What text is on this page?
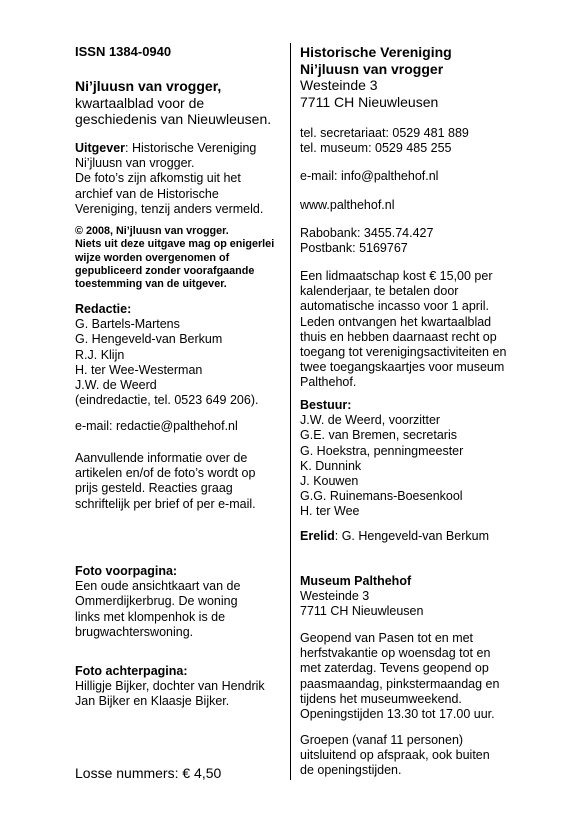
ISSN 1384-0940
Ni’jluusn van vrogger,
kwartaalblad voor de
geschiedenis van Nieuwleusen.
Uitgever: Historische Vereniging
Ni’jluusn van vrogger.
De foto’s zijn afkomstig uit het
archief van de Historische
Vereniging, tenzij anders vermeld.
© 2008, Ni’jluusn van vrogger.
Niets uit deze uitgave mag op enigerlei
wijze worden overgenomen of
gepubliceerd zonder voorafgaande
toestemming van de uitgever.
Redactie:
G. Bartels-Martens
G. Hengeveld-van Berkum
R.J. Klijn
H. ter Wee-Westerman
J.W. de Weerd
(eindredactie, tel. 0523 649 206).
e-mail: redactie@palthehof.nl
Aanvullende informatie over de
artikelen en/of de foto’s wordt op
prijs gesteld. Reacties graag
schriftelijk per brief of per e-mail.
Foto voorpagina:
Een oude ansichtkaart van de
Ommerdijkerbrug. De woning
links met klompenhok is de
brugwachterswoning.
Foto achterpagina:
Hilligje Bijker, dochter van Hendrik
Jan Bijker en Klaasje Bijker.
Losse nummers: € 4,50
Historische Vereniging
Ni’jluusn van vrogger
Westeinde 3
7711 CH Nieuwleusen
tel. secretariaat: 0529 481 889
tel. museum: 0529 485 255
e-mail: info@palthehof.nl
www.palthehof.nl
Rabobank: 3455.74.427
Postbank: 5169767
Een lidmaatschap kost € 15,00 per
kalenderjaar, te betalen door
automatische incasso voor 1 april.
Leden ontvangen het kwartaalblad
thuis en hebben daarnaast recht op
toegang tot verenigingsactiviteiten en
twee toegangskaartjes voor museum
Palthehof.
Bestuur:
J.W. de Weerd, voorzitter
G.E. van Bremen, secretaris
G. Hoekstra, penningmeester
K. Dunnink
J. Kouwen
G.G. Ruinemans-Boesenkool
H. ter Wee
Erelid: G. Hengeveld-van Berkum
Museum Palthehof
Westeinde 3
7711 CH Nieuwleusen
Geopend van Pasen tot en met
herfstvakantie op woensdag tot en
met zaterdag. Tevens geopend op
paasmaandag, pinkstermaandag en
tijdens het museumweekend.
Openingstijden 13.30 tot 17.00 uur.
Groepen (vanaf 11 personen)
uitsluitend op afspraak, ook buiten
de openingstijden.
